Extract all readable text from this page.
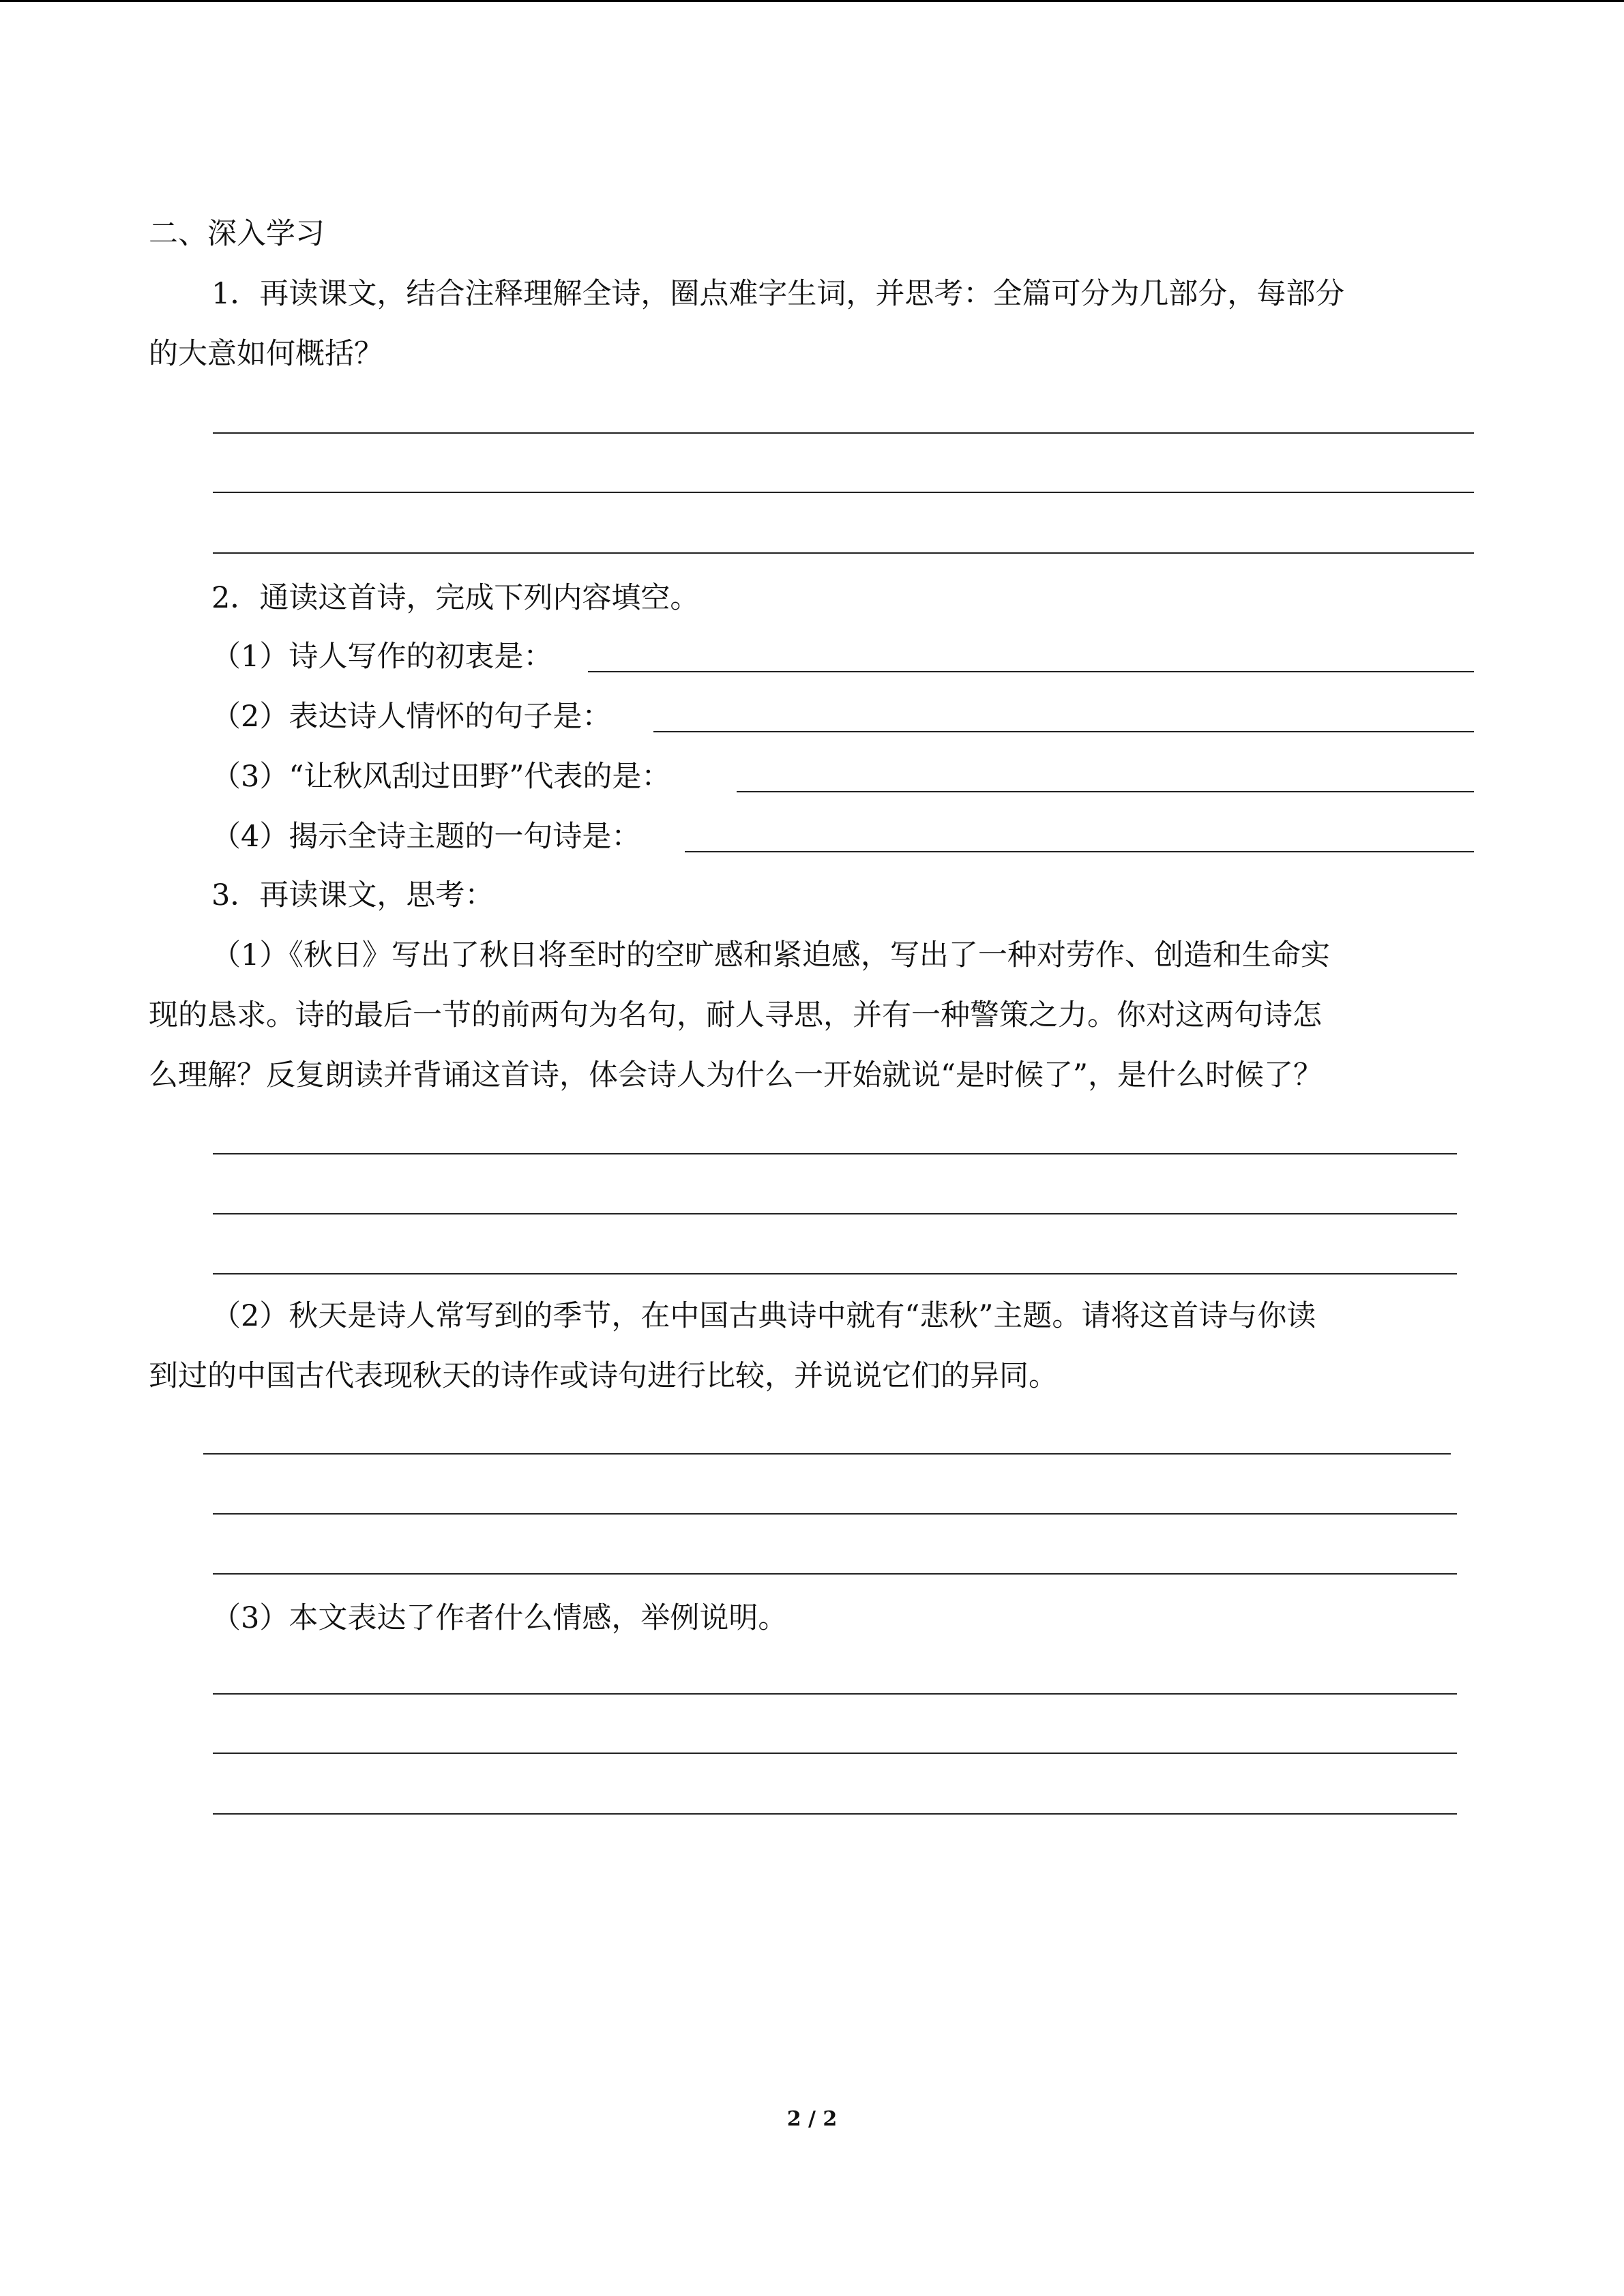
二、深入学习
1．再读课文，结合注释理解全诗，圈点难字生词，并思考：全篇可分为几部分，每部分
的大意如何概括？
2．通读这首诗，完成下列内容填空。
（1）诗人写作的初衷是：
（2）表达诗人情怀的句子是：
（3）“让秋风刮过田野”代表的是：
（4）揭示全诗主题的一句诗是：
3．再读课文，思考：
（1）《秋日》写出了秋日将至时的空旷感和紧迫感，写出了一种对劳作、创造和生命实
现的恳求。诗的最后一节的前两句为名句，耐人寻思，并有一种警策之力。你对这两句诗怎
么理解？反复朗读并背诵这首诗，体会诗人为什么一开始就说“是时候了”，是什么时候了？
（2）秋天是诗人常写到的季节，在中国古典诗中就有“悲秋”主题。请将这首诗与你读
到过的中国古代表现秋天的诗作或诗句进行比较，并说说它们的异同。
（3）本文表达了作者什么情感，举例说明。
2 / 2
